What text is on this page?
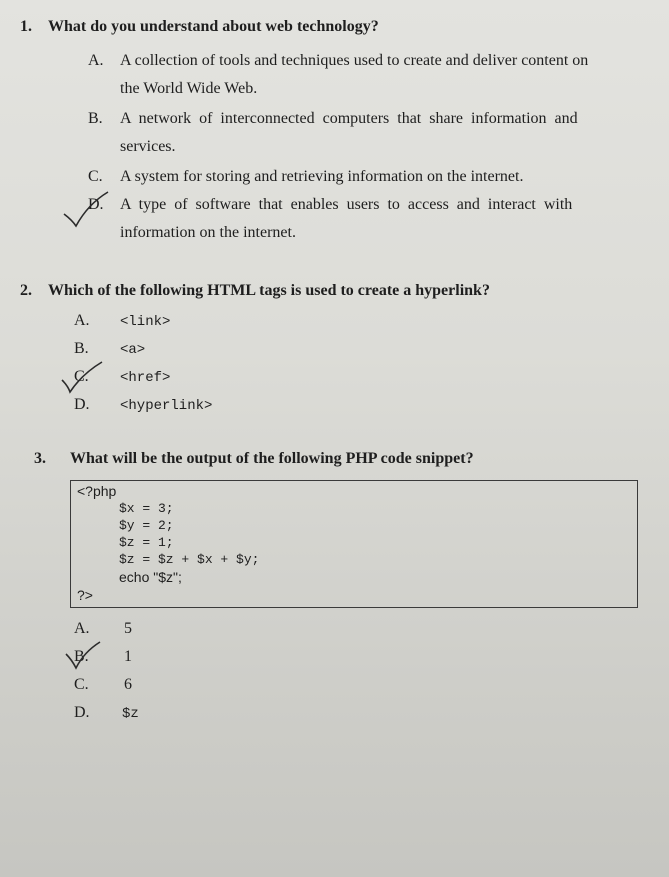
1. What do you understand about web technology?
A. A collection of tools and techniques used to create and deliver content on
the World Wide Web.
B. A network of interconnected computers that share information and
services.
C. A system for storing and retrieving information on the internet.
D. A type of software that enables users to access and interact with
information on the internet.
2. Which of the following HTML tags is used to create a hyperlink?
A. <link>
B. <a>
C. <href>
D. <hyperlink>
3. What will be the output of the following PHP code snippet?
<?php
$x = 3;
$y = 2;
$z = 1;
$z = $z + $x + $y;
echo "$z";
?>
A. 5
B. 1
C. 6
D. $z
